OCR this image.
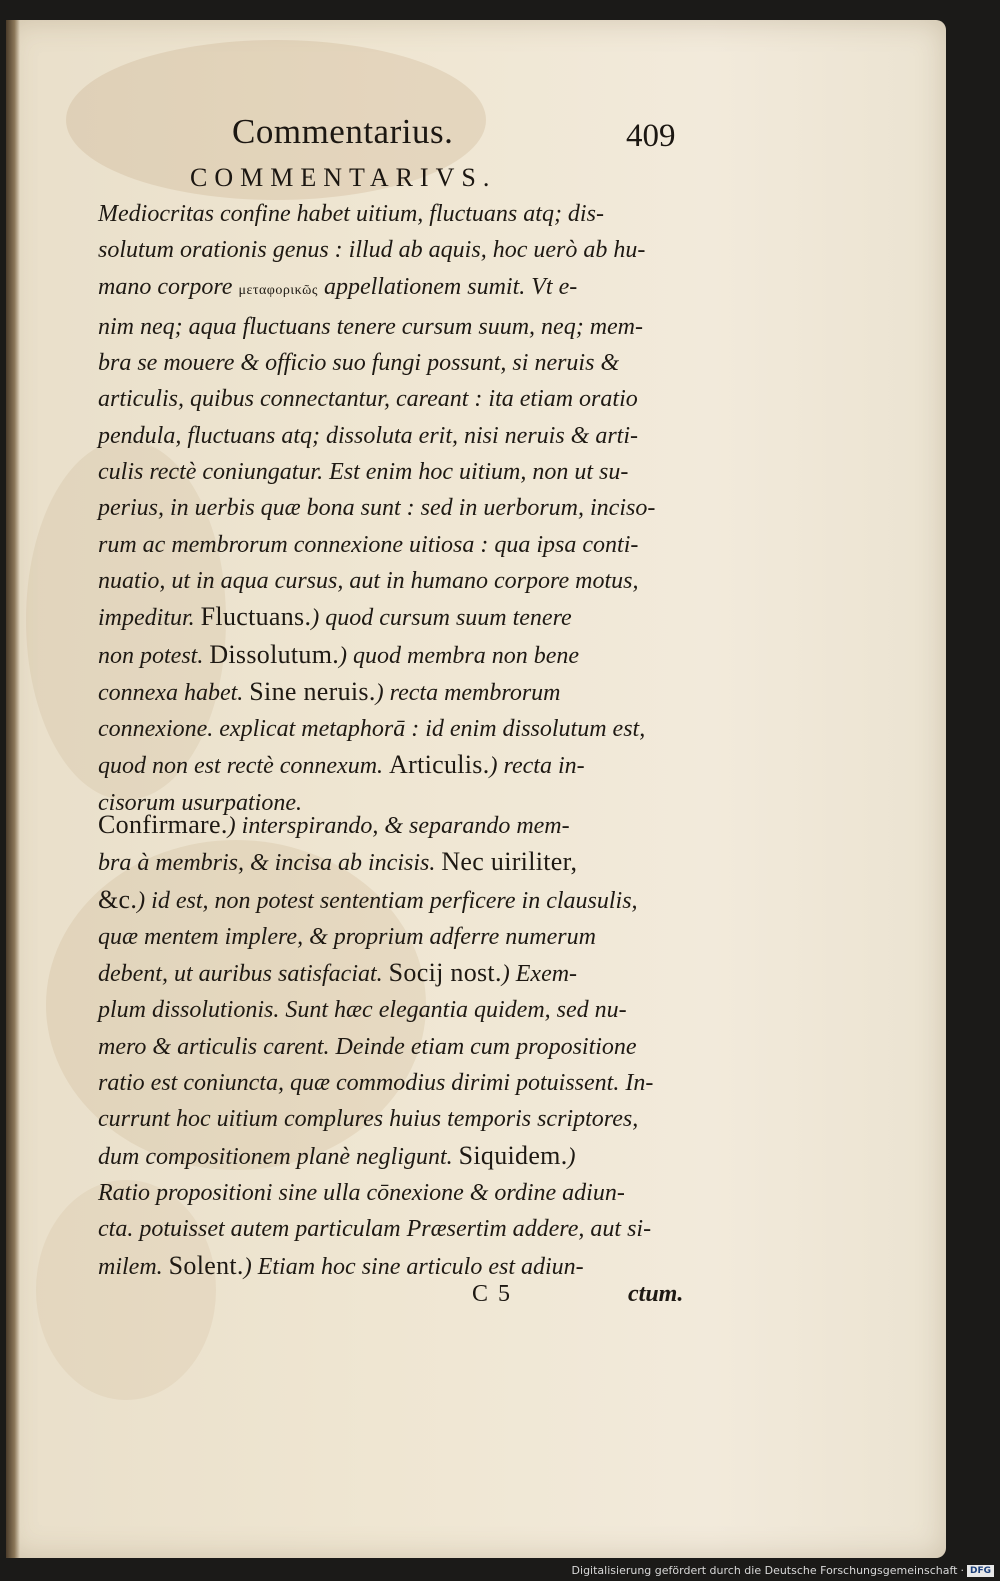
Commentarius.	409
COMMENTARIVS.
Mediocritas confine habet uitium, fluctuans atq; dis-
solutum orationis genus : illud ab aquis, hoc uerò ab hu-
mano corpore μεταφορικῶς appellationem sumit. Vt e-
nim neq; aqua fluctuans tenere cursum suum, neq; mem-
bra se mouere & officio suo fungi possunt, si neruis &
articulis, quibus connectantur, careant : ita etiam oratio
pendula, fluctuans atq; dissoluta erit, nisi neruis & arti-
culis rectè coniungatur. Est enim hoc uitium, non ut su-
perius, in uerbis quæ bona sunt : sed in uerborum, inciso-
rum ac membrorum connexione uitiosa : qua ipsa conti-
nuatio, ut in aqua cursus, aut in humano corpore motus,
impeditur. Fluctuans.) quod cursum suum tenere
non potest. Dissolutum.) quod membra non bene
connexa habet. Sine neruis.) recta membrorum
connexione. explicat metaphorā : id enim dissolutum est,
quod non est rectè connexum. Articulis.) recta in-
cisorum usurpatione.
Confirmare.) interspirando, & separando mem-
bra à membris, & incisa ab incisis. Nec uiriliter,
&c.) id est, non potest sententiam perficere in clausulis,
quæ mentem implere, & proprium adferre numerum
debent, ut auribus satisfaciat. Socij nost.) Exem-
plum dissolutionis. Sunt hæc elegantia quidem, sed nu-
mero & articulis carent. Deinde etiam cum propositione
ratio est coniuncta, quæ commodius dirimi potuissent. In-
currunt hoc uitium complures huius temporis scriptores,
dum compositionem planè negligunt. Siquidem.)
Ratio propositioni sine ulla cōnexione & ordine adiun-
cta. potuisset autem particulam Præsertim addere, aut si-
milem. Solent.) Etiam hoc sine articulo est adiun-
C 5	ctum.
Digitalisierung gefördert durch die Deutsche Forschungsgemeinschaft · DFG
